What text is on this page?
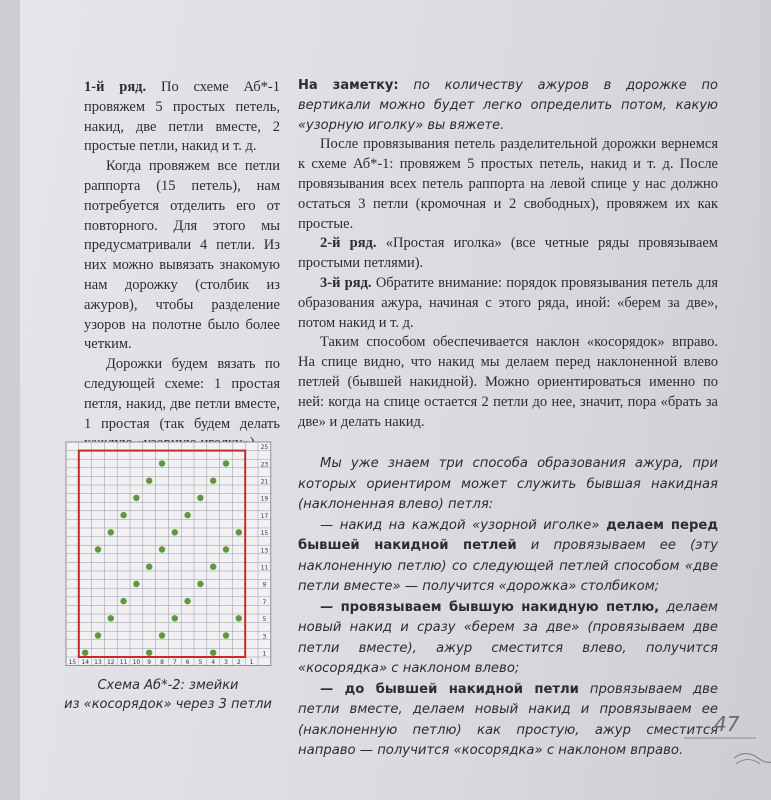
1-й ряд. По схеме Аб*-1 провяжем 5 простых петель, накид, две петли вместе, 2 простые петли, накид и т. д.

Когда провяжем все петли раппорта (15 петель), нам потребуется отделить его от повторного. Для этого мы предусматривали 4 петли. Из них можно вывязать знакомую нам дорожку (столбик из ажуров), чтобы разделение узоров на полотне было более четким.

Дорожки будем вязать по следующей схеме: 1 простая петля, накид, две петли вместе, 1 простая (так будем делать

На заметку: по количеству ажуров в дорожке по вертикали можно будет легко определить потом, какую «узорную иголку» вы вяжете.

После провязывания петель разделительной дорожки вернемся к схеме Аб*-1: провяжем 5 простых петель, накид и т. д. После провязывания всех петель раппорта на левой спице у нас должно остаться 3 петли (кромочная и 2 свободных), провяжем их как простые.

2-й ряд. «Простая иголка» (все четные ряды провязываем простыми петлями).

3-й ряд. Обратите внимание: порядок провязывания петель для образования ажура, начиная с этого ряда, иной: «берем за две», потом накид и т. д.

Таким способом обеспечивается наклон «косорядок» вправо. На спице видно, что накид мы делаем перед наклоненной влево петлей (бывшей накидной). Можно ориентироваться именно по ней: когда на спице остается 2 петли до нее, значит, пора «брать за две» и делать накид.

Мы уже знаем три способа образования ажура, при которых ориентиром может служить бывшая накидная (наклоненная влево) петля:

— накид на каждой «узорной иголке» делаем перед бывшей накидной петлей и провязываем ее (эту наклоненную петлю) со следующей петлей способом «две петли вместе» — получится «дорожка» столбиком;

— провязываем бывшую накидную петлю, делаем новый накид и сразу «берем за две» (провязываем две петли вместе), ажур сместится влево, получится «косорядка» с наклоном влево;

— до бывшей накидной петли провязываем две петли вместе, делаем новый накид и провязываем ее (наклоненную петлю) как простую, ажур сместится направо — получится «косорядка» с наклоном вправо.

15 14 13 12 11 10 9 8 7 6 5 4 3 2 1
1
3
5
7
9
11
13
15
17
19
21
23
25
Схема Аб*-2: змейки
из «косорядок» через 3 петли
47
